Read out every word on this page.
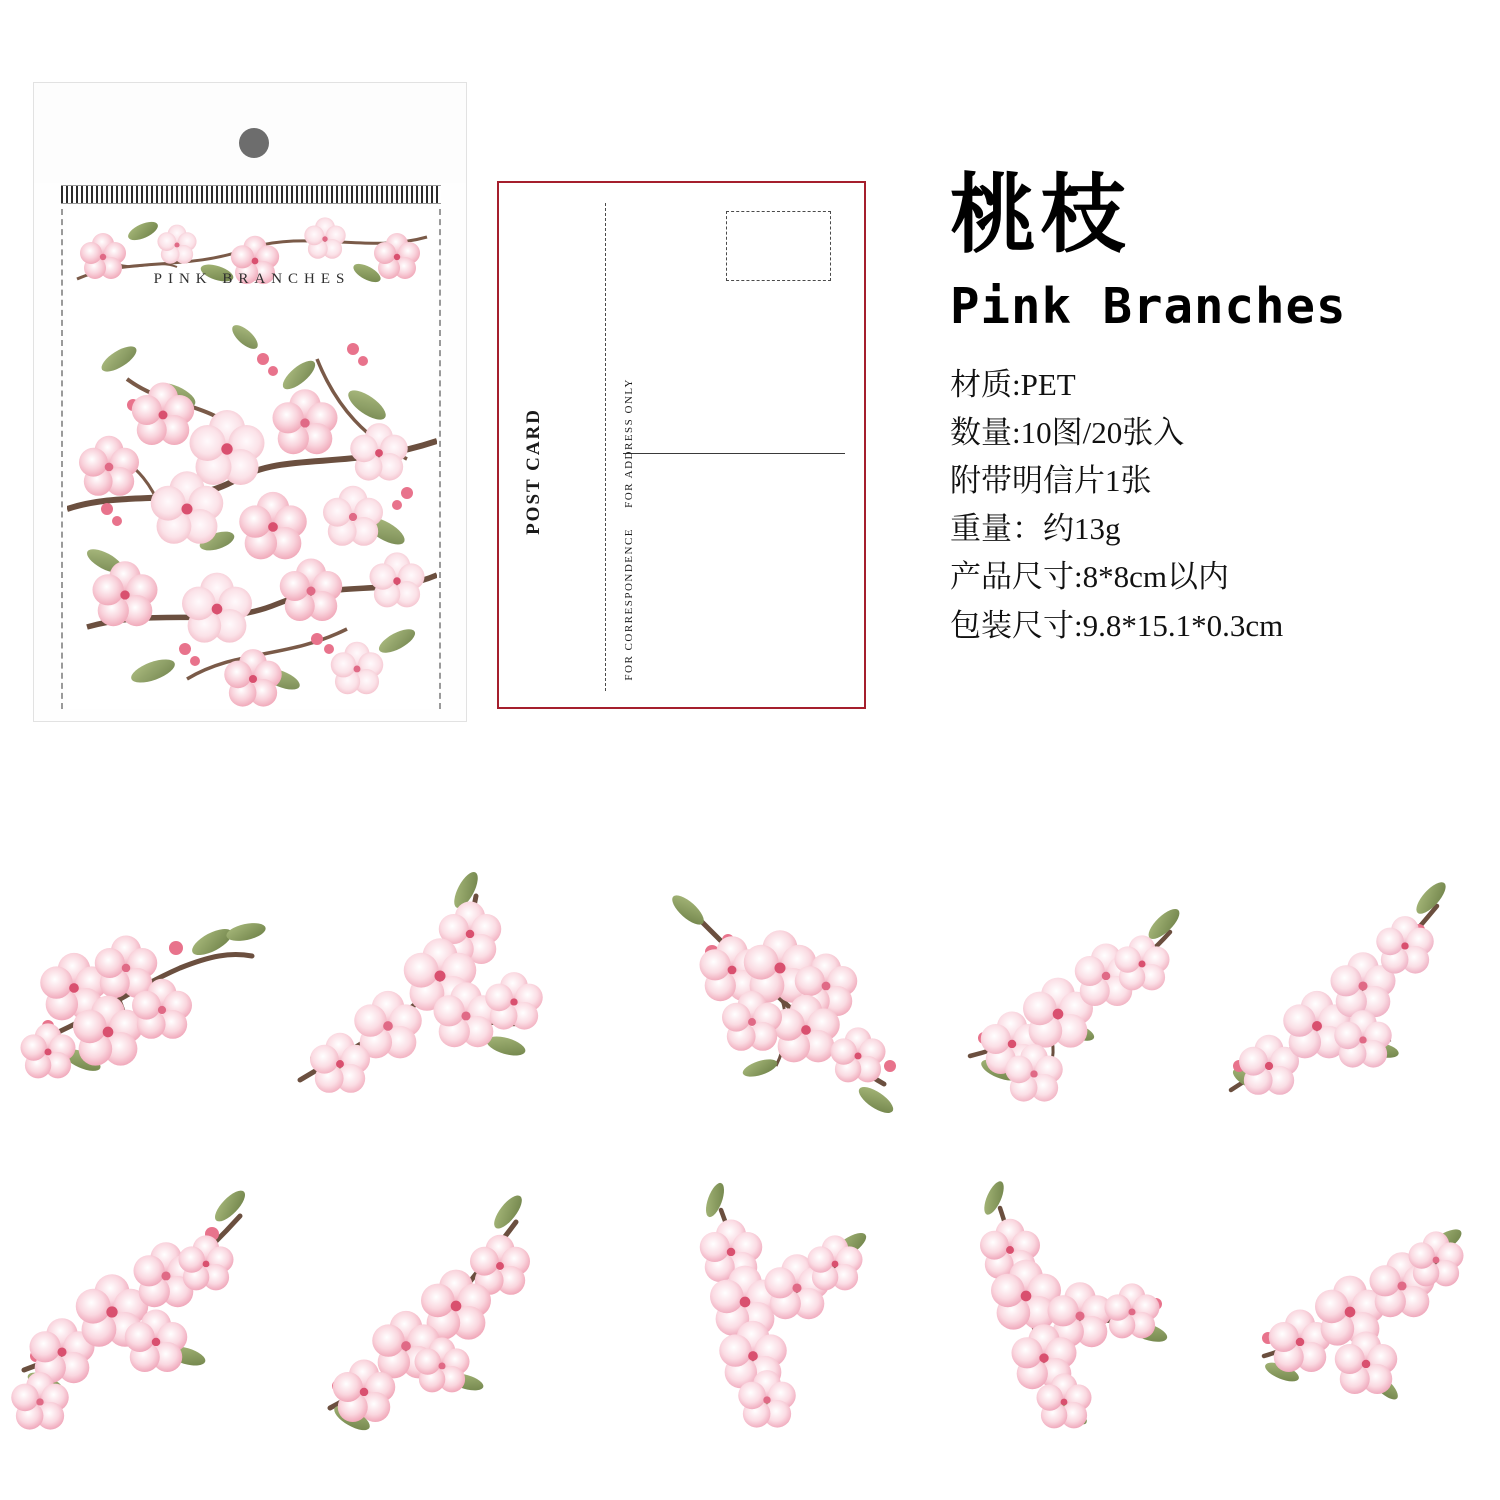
PINK BRANCHES
POST CARD	FOR ADDRESS ONLY
FOR CORRESPONDENCE
桃枝
Pink Branches
材质:PET
数量:10图/20张入
附带明信片1张
重量：约13g
产品尺寸:8*8cm以内
包装尺寸:9.8*15.1*0.3cm
